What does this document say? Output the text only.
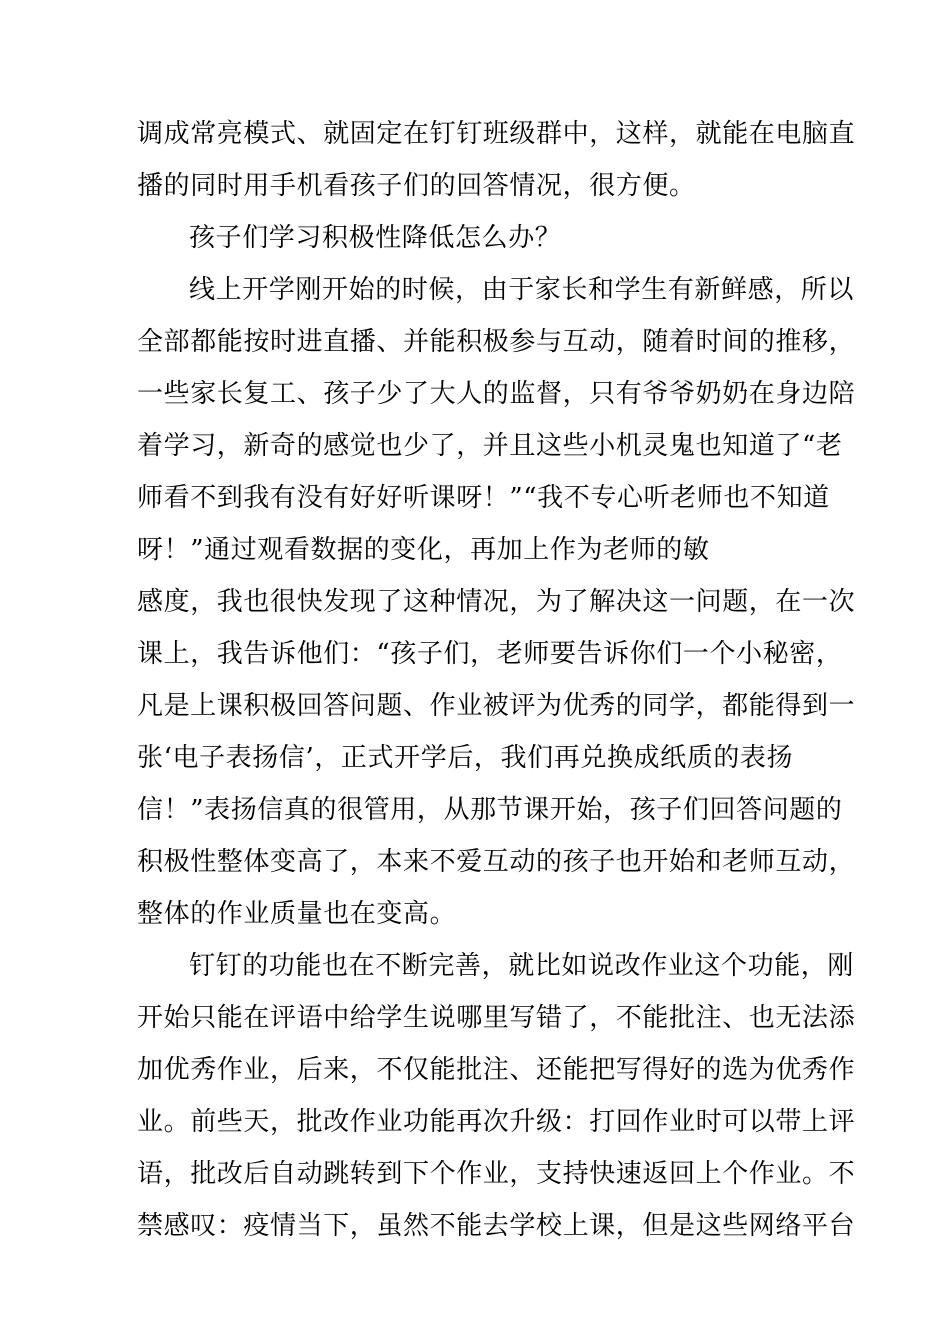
调成常亮模式、就固定在钉钉班级群中，这样，就能在电脑直
播的同时用手机看孩子们的回答情况，很方便。
孩子们学习积极性降低怎么办？
线上开学刚开始的时候，由于家长和学生有新鲜感，所以
全部都能按时进直播、并能积极参与互动，随着时间的推移，
一些家长复工、孩子少了大人的监督，只有爷爷奶奶在身边陪
着学习，新奇的感觉也少了，并且这些小机灵鬼也知道了“老
师看不到我有没有好好听课呀！”“我不专心听老师也不知道
呀！”通过观看数据的变化，再加上作为老师的敏
感度，我也很快发现了这种情况，为了解决这一问题，在一次
课上，我告诉他们：“孩子们，老师要告诉你们一个小秘密，
凡是上课积极回答问题、作业被评为优秀的同学，都能得到一
张‘电子表扬信’，正式开学后，我们再兑换成纸质的表扬
信！”表扬信真的很管用，从那节课开始，孩子们回答问题的
积极性整体变高了，本来不爱互动的孩子也开始和老师互动，
整体的作业质量也在变高。
钉钉的功能也在不断完善，就比如说改作业这个功能，刚
开始只能在评语中给学生说哪里写错了，不能批注、也无法添
加优秀作业，后来，不仅能批注、还能把写得好的选为优秀作
业。前些天，批改作业功能再次升级：打回作业时可以带上评
语，批改后自动跳转到下个作业，支持快速返回上个作业。不
禁感叹：疫情当下，虽然不能去学校上课，但是这些网络平台
